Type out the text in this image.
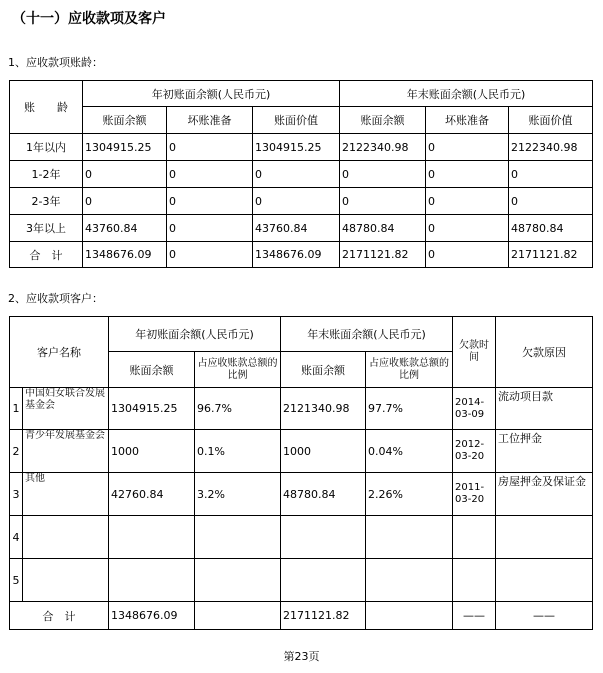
（十一）应收款项及客户
1、应收款项账龄：
账　　龄	年初账面余额(人民币元)			年末账面余额(人民币元)		
	账面余额	坏账准备	账面价值	账面余额	坏账准备	账面价值
1年以内	1304915.25	0	1304915.25	2122340.98	0	2122340.98
1-2年	0	0	0	0	0	0
2-3年	0	0	0	0	0	0
3年以上	43760.84	0	43760.84	48780.84	0	48780.84
合　计	1348676.09	0	1348676.09	2171121.82	0	2171121.82
2、应收款项客户：
客户名称		年初账面余额(人民币元)		年末账面余额(人民币元)		欠款时间	欠款原因
		账面余额	占应收账款总额的比例	账面余额	占应收账款总额的比例		
1	中国妇女联合发展基金会	1304915.25	96.7%	2121340.98	97.7%	2014-03-09	流动项目款
2	青少年发展基金会	1000	0.1%	1000	0.04%	2012-03-20	工位押金
3	其他	42760.84	3.2%	48780.84	2.26%	2011-03-20	房屋押金及保证金
4							
5							
合　计		1348676.09		2171121.82		——	——
第23页
